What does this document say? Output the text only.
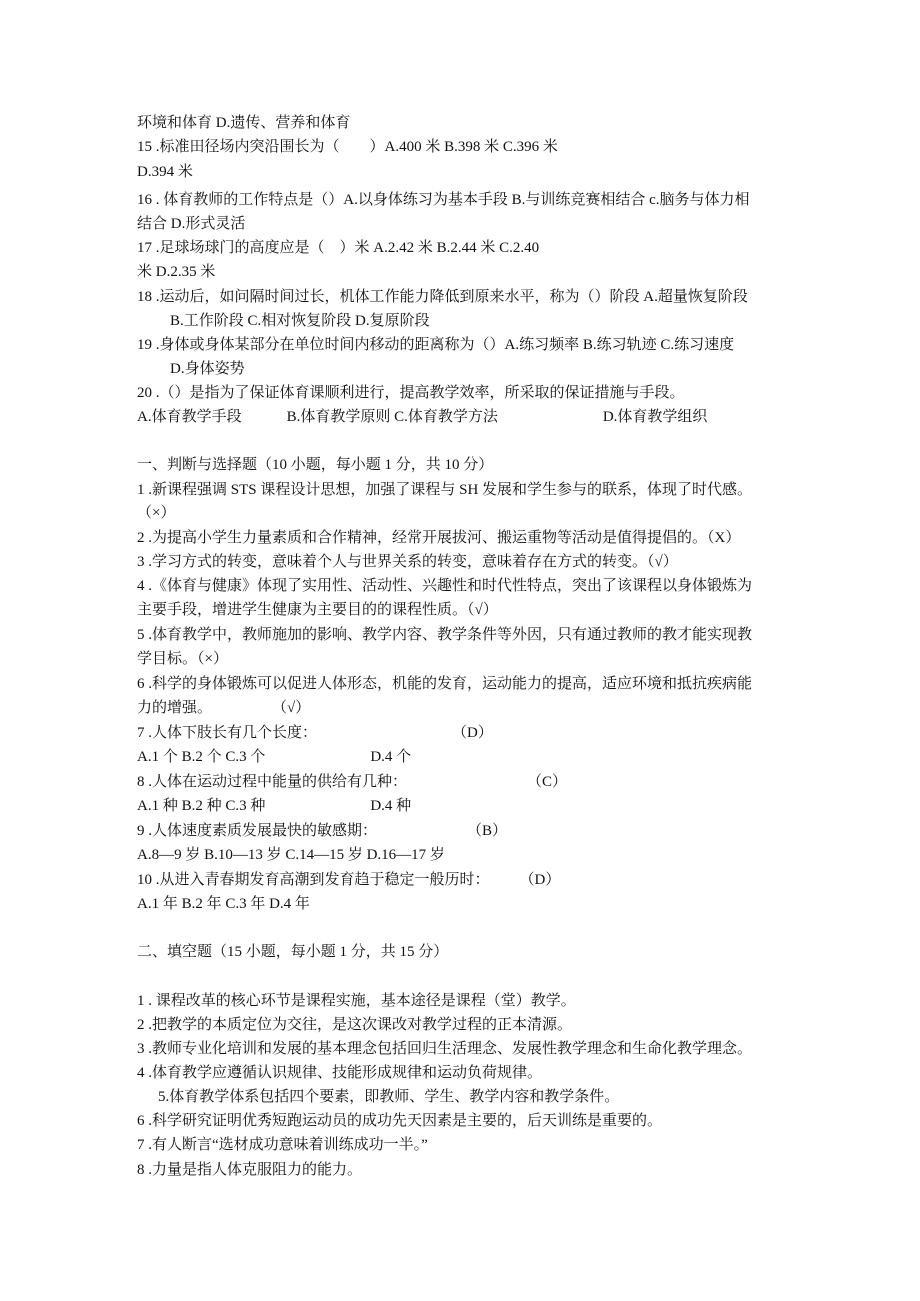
环境和体育 D.遗传、营养和体育
15 .标准田径场内突沿围长为（　　）A.400 米 B.398 米 C.396 米
D.394 米
16 . 体育教师的工作特点是（）A.以身体练习为基本手段 B.与训练竞赛相结合 c.脑务与体力相
结合 D.形式灵活
17 .足球场球门的高度应是（　）米 A.2.42 米 B.2.44 米 C.2.40
米 D.2.35 米
18 .运动后，如问隔时间过长，机体工作能力降低到原来水平，称为（）阶段 A.超量恢复阶段
B.工作阶段 C.相对恢复阶段 D.复原阶段
19 .身体或身体某部分在单位时间内移动的距离称为（）A.练习频率 B.练习轨迹 C.练习速度
D.身体姿势
20 .（）是指为了保证体育课顺利进行，提高教学效率，所采取的保证措施与手段。
A.体育教学手段　　　B.体育教学原则 C.体育教学方法　　　　　　　D.体育教学组织
一、判断与选择题（10 小题，每小题 1 分，共 10 分）
1 .新课程强调 STS 课程设计思想，加强了课程与 SH 发展和学生参与的联系，体现了时代感。
（×）
2 .为提高小学生力量素质和合作精神，经常开展拔河、搬运重物等活动是值得提倡的。（X）
3 .学习方式的转变，意味着个人与世界关系的转变，意味着存在方式的转变。（√）
4 .《体育与健康》体现了实用性、活动性、兴趣性和时代性特点，突出了该课程以身体锻炼为
主要手段，增进学生健康为主要目的的课程性质。（√）
5 .体育教学中，教师施加的影响、教学内容、教学条件等外因，只有通过教师的教才能实现教
学目标。（×）
6 .科学的身体锻炼可以促进人体形态，机能的发育，运动能力的提高，适应环境和抵抗疾病能
力的增强。　　　　　（√）
7 .人体下肢长有几个长度：　　　　　　　　　　（D）
A.1 个 B.2 个 C.3 个　　　　　　　D.4 个
8 .人体在运动过程中能量的供给有几种：　　　　　　　　　（C）
A.1 种 B.2 种 C.3 种　　　　　　　D.4 种
9 .人体速度素质发展最快的敏感期：　　　　　　　（B）
A.8—9 岁 B.10—13 岁 C.14—15 岁 D.16—17 岁
10 .从进入青春期发育高潮到发育趋于稳定一般历时：　　　（D）
A.1 年 B.2 年 C.3 年 D.4 年
二、填空题（15 小题，每小题 1 分，共 15 分）
1 . 课程改革的核心环节是课程实施，基本途径是课程（堂）教学。
2 .把教学的本质定位为交往，是这次课改对教学过程的正本清源。
3 .教师专业化培训和发展的基本理念包括回归生活理念、发展性教学理念和生命化教学理念。
4 .体育教学应遵循认识规律、技能形成规律和运动负荷规律。
5.体育教学体系包括四个要素，即教师、学生、教学内容和教学条件。
6 .科学研究证明优秀短跑运动员的成功先天因素是主要的，后天训练是重要的。
7 .有人断言“选材成功意味着训练成功一半。”
8 .力量是指人体克服阻力的能力。
